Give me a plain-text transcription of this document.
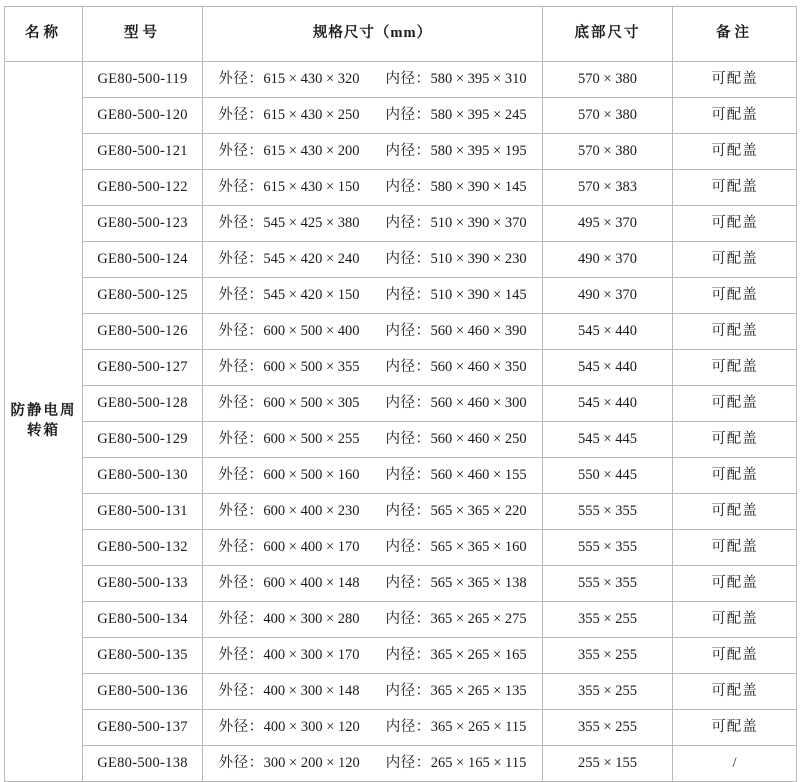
名称	型号	规格尺寸（mm）	底部尺寸	备注
防静电周转箱	GE80-500-119	外径：615 × 430 × 320 内径：580 × 395 × 310	570 × 380	可配盖
	GE80-500-120	外径：615 × 430 × 250 内径：580 × 395 × 245	570 × 380	可配盖
	GE80-500-121	外径：615 × 430 × 200 内径：580 × 395 × 195	570 × 380	可配盖
	GE80-500-122	外径：615 × 430 × 150 内径：580 × 390 × 145	570 × 383	可配盖
	GE80-500-123	外径：545 × 425 × 380 内径：510 × 390 × 370	495 × 370	可配盖
	GE80-500-124	外径：545 × 420 × 240 内径：510 × 390 × 230	490 × 370	可配盖
	GE80-500-125	外径：545 × 420 × 150 内径：510 × 390 × 145	490 × 370	可配盖
	GE80-500-126	外径：600 × 500 × 400 内径：560 × 460 × 390	545 × 440	可配盖
	GE80-500-127	外径：600 × 500 × 355 内径：560 × 460 × 350	545 × 440	可配盖
	GE80-500-128	外径：600 × 500 × 305 内径：560 × 460 × 300	545 × 440	可配盖
	GE80-500-129	外径：600 × 500 × 255 内径：560 × 460 × 250	545 × 445	可配盖
	GE80-500-130	外径：600 × 500 × 160 内径：560 × 460 × 155	550 × 445	可配盖
	GE80-500-131	外径：600 × 400 × 230 内径：565 × 365 × 220	555 × 355	可配盖
	GE80-500-132	外径：600 × 400 × 170 内径：565 × 365 × 160	555 × 355	可配盖
	GE80-500-133	外径：600 × 400 × 148 内径：565 × 365 × 138	555 × 355	可配盖
	GE80-500-134	外径：400 × 300 × 280 内径：365 × 265 × 275	355 × 255	可配盖
	GE80-500-135	外径：400 × 300 × 170 内径：365 × 265 × 165	355 × 255	可配盖
	GE80-500-136	外径：400 × 300 × 148 内径：365 × 265 × 135	355 × 255	可配盖
	GE80-500-137	外径：400 × 300 × 120 内径：365 × 265 × 115	355 × 255	可配盖
	GE80-500-138	外径：300 × 200 × 120 内径：265 × 165 × 115	255 × 155	/
